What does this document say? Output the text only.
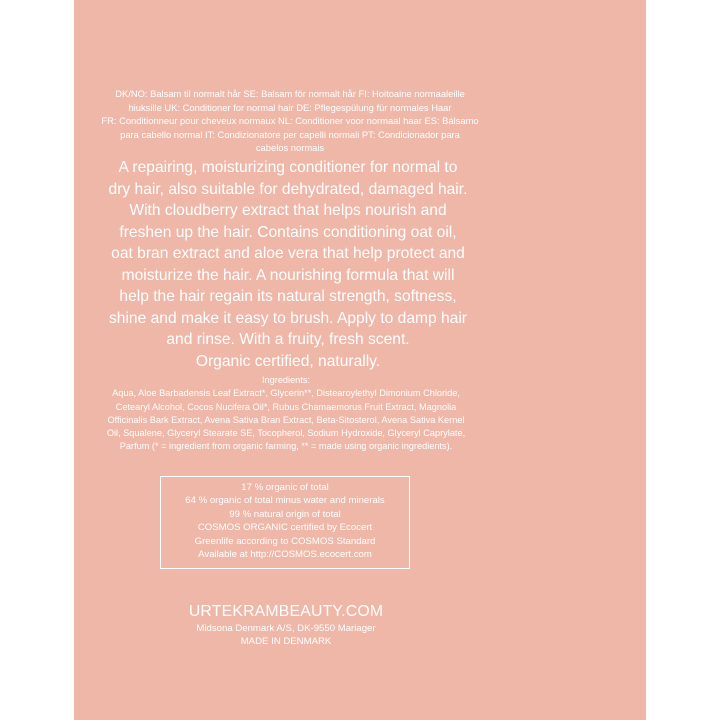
DK/NO: Balsam til normalt hår SE: Balsam för normalt hår FI: Hoitoaine normaaleille
hiuksille UK: Conditioner for normal hair DE: Pflegespülung für normales Haar
FR: Conditionneur pour cheveux normaux NL: Conditioner voor normaal haar ES: Bálsamo
para cabello normal IT: Condizionatore per capelli normali PT: Condicionador para
cabelos normais
A repairing, moisturizing conditioner for normal to
dry hair, also suitable for dehydrated, damaged hair.
With cloudberry extract that helps nourish and
freshen up the hair. Contains conditioning oat oil,
oat bran extract and aloe vera that help protect and
moisturize the hair. A nourishing formula that will
help the hair regain its natural strength, softness,
shine and make it easy to brush. Apply to damp hair
and rinse. With a fruity, fresh scent.
Organic certified, naturally.
Ingredients:
Aqua, Aloe Barbadensis Leaf Extract*, Glycerin**, Distearoylethyl Dimonium Chloride,
Cetearyl Alcohol, Cocos Nucifera Oil*, Rubus Chamaemorus Fruit Extract, Magnolia
Officinalis Bark Extract, Avena Sativa Bran Extract, Beta-Sitosterol, Avena Sativa Kernel
Oil, Squalene, Glyceryl Stearate SE, Tocopherol, Sodium Hydroxide, Glyceryl Caprylate,
Parfum (* = ingredient from organic farming, ** = made using organic ingredients).
17 % organic of total
64 % organic of total minus water and minerals
99 % natural origin of total
COSMOS ORGANIC certified by Ecocert
Greenlife according to COSMOS Standard
Available at http://COSMOS.ecocert.com
URTEKRAMBEAUTY.COM
Midsona Denmark A/S, DK-9550 Mariager
MADE IN DENMARK
